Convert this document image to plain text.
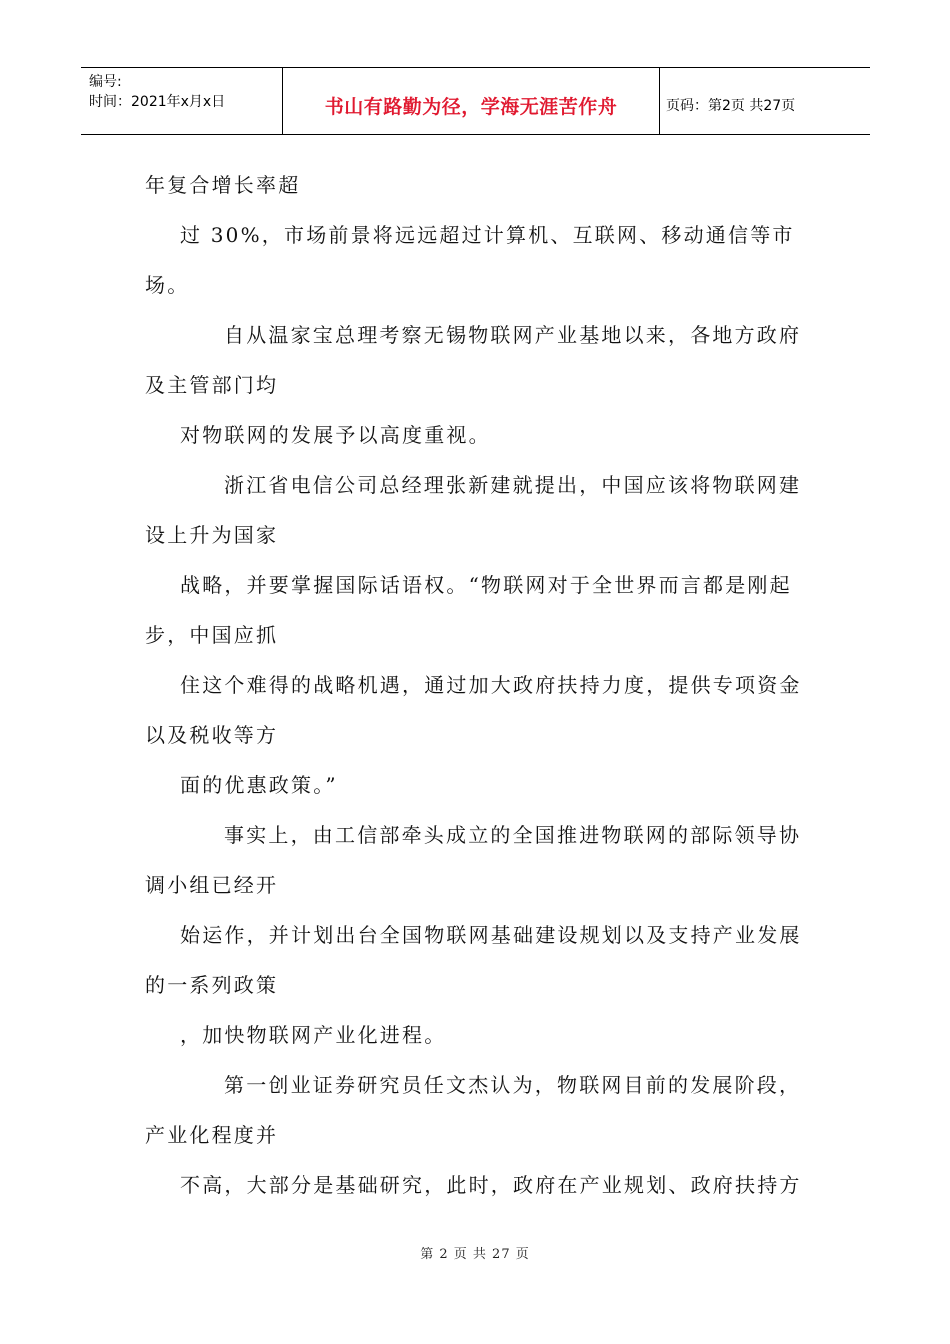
编号:
时间：2021年x月x日	书山有路勤为径，学海无涯苦作舟	页码：第2页 共27页
年复合增长率超
过 30%，市场前景将远远超过计算机、互联网、移动通信等市
场。
自从温家宝总理考察无锡物联网产业基地以来，各地方政府
及主管部门均
对物联网的发展予以高度重视。
浙江省电信公司总经理张新建就提出，中国应该将物联网建
设上升为国家
战略，并要掌握国际话语权。“物联网对于全世界而言都是刚起
步，中国应抓
住这个难得的战略机遇，通过加大政府扶持力度，提供专项资金
以及税收等方
面的优惠政策。”
事实上，由工信部牵头成立的全国推进物联网的部际领导协
调小组已经开
始运作，并计划出台全国物联网基础建设规划以及支持产业发展
的一系列政策
，加快物联网产业化进程。
第一创业证券研究员任文杰认为，物联网目前的发展阶段，
产业化程度并
不高，大部分是基础研究，此时，政府在产业规划、政府扶持方
第 2 页 共 27 页
